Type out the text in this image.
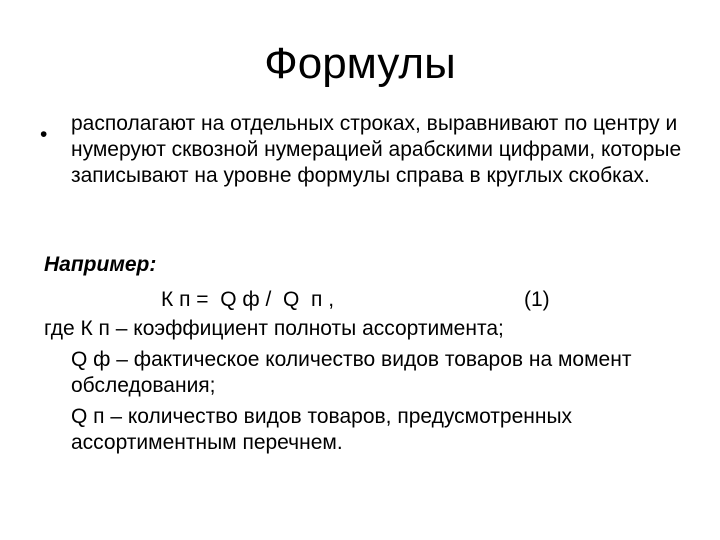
Формулы
• располагают на отдельных строках, выравнивают по центру и нумеруют сквозной нумерацией арабскими цифрами, которые записывают на уровне формулы справа в круглых скобках.
Например:
К п =  Q ф /  Q  п ,	(1)
где К п – коэффициент полноты ассортимента;
Q ф – фактическое количество видов товаров на момент обследования;
Q п – количество видов товаров, предусмотренных ассортиментным перечнем.
